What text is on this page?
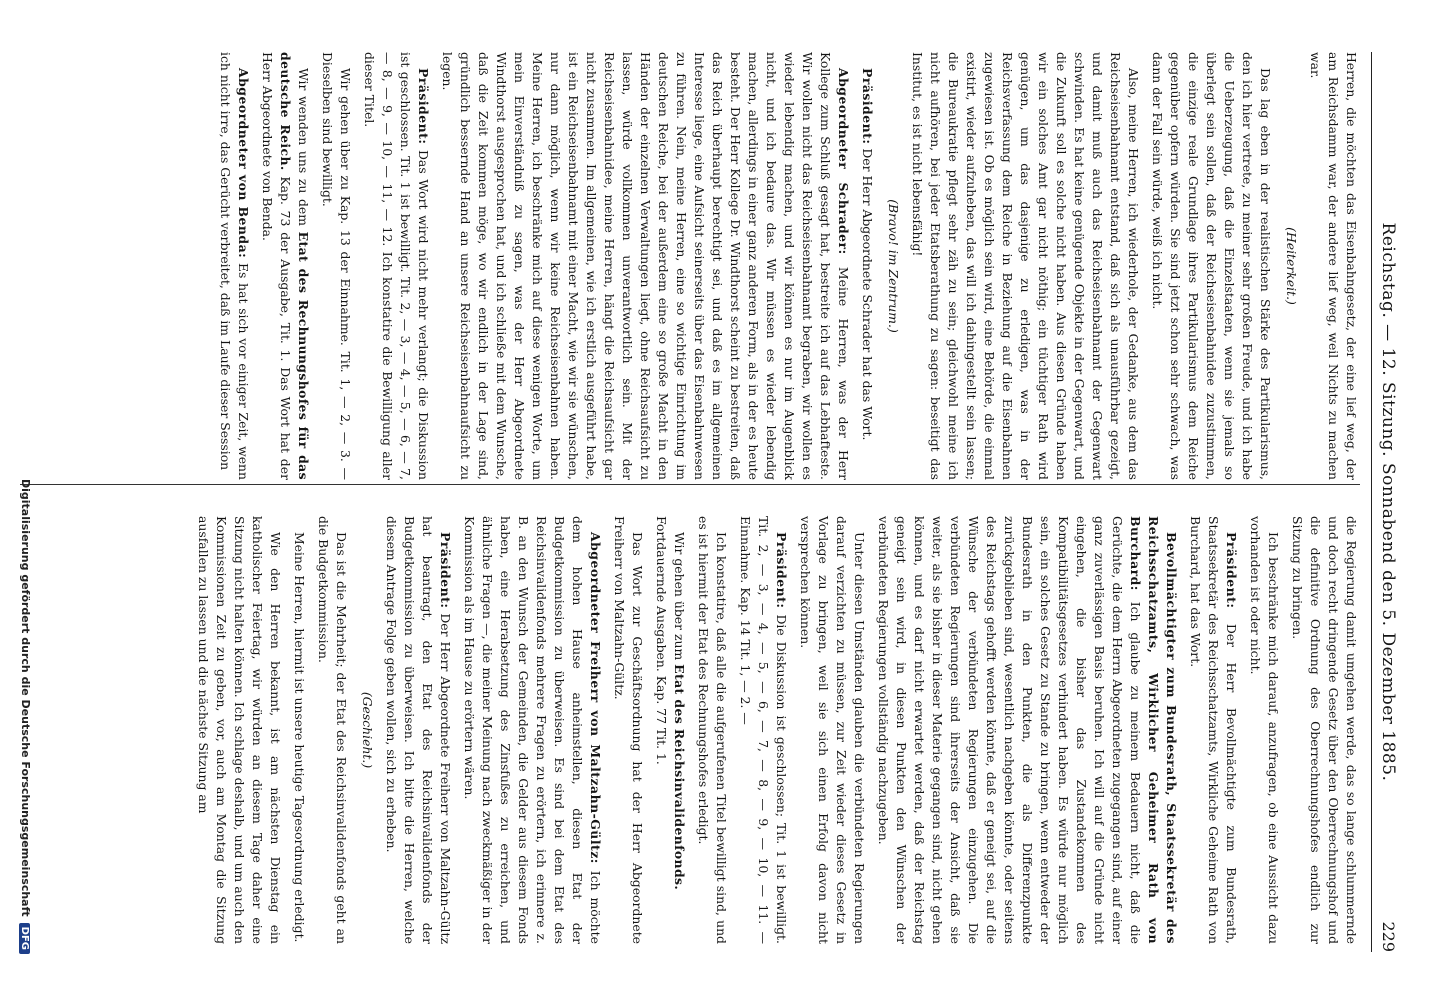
Reichstag. — 12. Sitzung. Sonnabend den 5. Dezember 1885.
229

Herren, die möchten das Eisenbahngesetz, der eine lief weg, der am Reichsdamm war, der andere lief weg, weil Nichts zu machen war.

(Heiterkeit.)

Das lag eben in der realistischen Stärke des Partikularismus, den ich hier vertrete, zu meiner sehr großen Freude, und ich habe die Ueberzeugung, daß die Einzelstaaten, wenn sie jemals so überlegt sein sollen, daß der Reichseisenbahnidee zuzustimmen, die einzige reale Grundlage ihres Partikularismus dem Reiche gegenüber opfern würden. Sie sind jetzt schon sehr schwach, was dann der Fall sein würde, weiß ich nicht.

Also, meine Herren, ich wiederhole, der Gedanke, aus dem das Reichseisenbahnamt entstand, daß sich als unausführbar gezeigt, und damit muß auch das Reichseisenbahnamt der Gegenwart schwinden. Es hat keine genügende Objekte in der Gegenwart, und die Zukunft soll es solche nicht haben. Aus diesen Gründe haben wir ein solches Amt gar nicht nöthig; ein tüchtiger Rath wird genügen, um das dasjenige zu erledigen, was in der Reichsverfassung dem Reiche in Beziehung auf die Eisenbahnen zugewiesen ist. Ob es möglich sein wird, eine Behörde, die einmal existirt, wieder aufzuheben, das will ich dahingestellt sein lassen; die Bureaukratie pflegt sehr zäh zu sein; gleichwohl meine ich nicht aufhören, bei jeder Etatsberathung zu sagen: beseitigt das Institut, es ist nicht lebensfähig!

(Bravo! im Zentrum.)

Präsident: Der Herr Abgeordnete Schrader hat das Wort.

Abgeordneter Schrader: Meine Herren, was der Herr Kollege zum Schluß gesagt hat, bestreite ich auf das Lebhafteste. Wir wollen nicht das Reichseisenbahnamt begraben, wir wollen es wieder lebendig machen, und wir können es nur im Augenblick nicht, und ich bedaure das. Wir müssen es wieder lebendig machen, allerdings in einer ganz anderen Form, als in der es heute besteht. Der Herr Kollege Dr. Windthorst scheint zu bestreiten, daß das Reich überhaupt berechtigt sei, und daß es im allgemeinen Interesse liege, eine Aufsicht seinerseits über das Eisenbahnwesen zu führen. Nein, meine Herren, eine so wichtige Einrichtung im deutschen Reiche, bei der außerdem eine so große Macht in den Händen der einzelnen Verwaltungen liegt, ohne Reichsaufsicht zu lassen, würde vollkommen unverantwortlich sein. Mit der Reichseisenbahnidee, meine Herren, hängt die Reichsaufsicht gar nicht zusammen. Im allgemeinen, wie ich erstlich ausgeführt habe, ist ein Reichseisenbahnamt mit einer Macht, wie wir sie wünschen, nur dann möglich, wenn wir keine Reichseisenbahnen haben. Meine Herren, ich beschränke mich auf diese wenigen Worte, um mein Einverständniß zu sagen, was der Herr Abgeordnete Windthorst ausgesprochen hat, und ich schließe mit dem Wunsche, daß die Zeit kommen möge, wo wir endlich in der Lage sind, gründlich bessernde Hand an unsere Reichseisenbahnaufsicht zu legen.

Präsident: Das Wort wird nicht mehr verlangt; die Diskussion ist geschlossen. Tit. 1 ist bewilligt. Tit. 2, — 3, — 4, — 5, — 6, — 7, — 8, — 9, — 10, — 11, — 12. Ich konstatire die Bewilligung aller dieser Titel.

Wir gehen über zu Kap. 13 der Einnahme. Tit. 1, — 2, — 3. — Dieselben sind bewilligt.

Wir wenden uns zu dem Etat des Rechnungshofes für das deutsche Reich. Kap. 73 der Ausgabe, Tit. 1. Das Wort hat der Herr Abgeordnete von Benda.

Abgeordneter von Benda: Es hat sich vor einiger Zeit, wenn ich nicht irre, das Gerücht verbreitet, daß im Laufe dieser Session

die Regierung damit umgehen werde, das so lange schlummernde und doch recht dringende Gesetz über den Oberrechnungshof und die definitive Ordnung des Oberrechnungshofes endlich zur Sitzung zu bringen.

Ich beschränke mich darauf, anzufragen, ob eine Aussicht dazu vorhanden ist oder nicht.

Präsident: Der Herr Bevollmächtigte zum Bundesrath, Staatssekretär des Reichsschatzamts, Wirkliche Geheime Rath von Burchard, hat das Wort.

Bevollmächtigter zum Bundesrath, Staatssekretär des Reichsschatzamts, Wirklicher Geheimer Rath von Burchard: Ich glaube zu meinem Bedauern nicht, daß die Gerüchte, die dem Herrn Abgeordneten zugegangen sind, auf einer ganz zuverlässigen Basis beruhen. Ich will auf die Gründe nicht eingehen, die bisher das Zustandekommen des Kompatibilitätsgesetzes verhindert haben. Es würde nur möglich sein, ein solches Gesetz zu Stande zu bringen, wenn entweder der Bundesrath in den Punkten, die als Differenzpunkte zurückgeblieben sind, wesentlich nachgeben könnte, oder seitens des Reichstags gehofft werden könnte, daß er geneigt sei, auf die Wünsche der verbündeten Regierungen einzugehen. Die verbündeten Regierungen sind ihrerseits der Ansicht, daß sie weiter, als sie bisher in dieser Materie gegangen sind, nicht gehen können, und es darf nicht erwartet werden, daß der Reichstag geneigt sein wird, in diesen Punkten den Wünschen der verbündeten Regierungen vollständig nachzugeben.

Unter diesen Umständen glauben die verbündeten Regierungen darauf verzichten zu müssen, zur Zeit wieder dieses Gesetz in Vorlage zu bringen, weil sie sich einen Erfolg davon nicht versprechen können.

Präsident: Die Diskussion ist geschlossen; Tit. 1 ist bewilligt. Tit. 2, — 3, — 4, — 5, — 6, — 7, — 8, — 9, — 10, — 11. — Einnahme. Kap. 14 Tit. 1, — 2. —

Ich konstatire, daß alle die aufgerufenen Titel bewilligt sind, und es ist hiermit der Etat des Rechnungshofes erledigt.

Wir gehen über zum Etat des Reichsinvalidenfonds.
Fortdauernde Ausgaben. Kap. 77 Tit. 1.

Das Wort zur Geschäftsordnung hat der Herr Abgeordnete Freiherr von Maltzahn-Gültz.

Abgeordneter Freiherr von Maltzahn-Gültz: Ich möchte dem hohen Hause anheimstellen, diesen Etat der Budgetkommission zu überweisen. Es sind bei dem Etat des Reichsinvalidenfonds mehrere Fragen zu erörtern, ich erinnere z. B. an den Wunsch der Gemeinden, die Gelder aus diesem Fonds haben, eine Herabsetzung des Zinsfußes zu erreichen, und ähnliche Fragen —, die meiner Meinung nach zweckmäßiger in der Kommission als im Hause zu erörtern wären.

Präsident: Der Herr Abgeordnete Freiherr von Maltzahn-Gültz hat beantragt, den Etat des Reichsinvalidenfonds der Budgetkommission zu überweisen. Ich bitte die Herren, welche diesem Antrage Folge geben wollen, sich zu erheben.

(Geschieht.)

Das ist die Mehrheit; der Etat des Reichsinvalidenfonds geht an die Budgetkommission.

Meine Herren, hiermit ist unsere heutige Tagesordnung erledigt.

Wie den Herren bekannt, ist am nächsten Dienstag ein katholischer Feiertag, wir würden an diesem Tage daher eine Sitzung nicht halten können. Ich schlage deshalb, und um auch den Kommissionen Zeit zu geben, vor, auch am Montag die Sitzung ausfallen zu lassen und die nächste Sitzung am

Digitalisierung gefördert durch die Deutsche ForschungsgemeinschaftDFG
